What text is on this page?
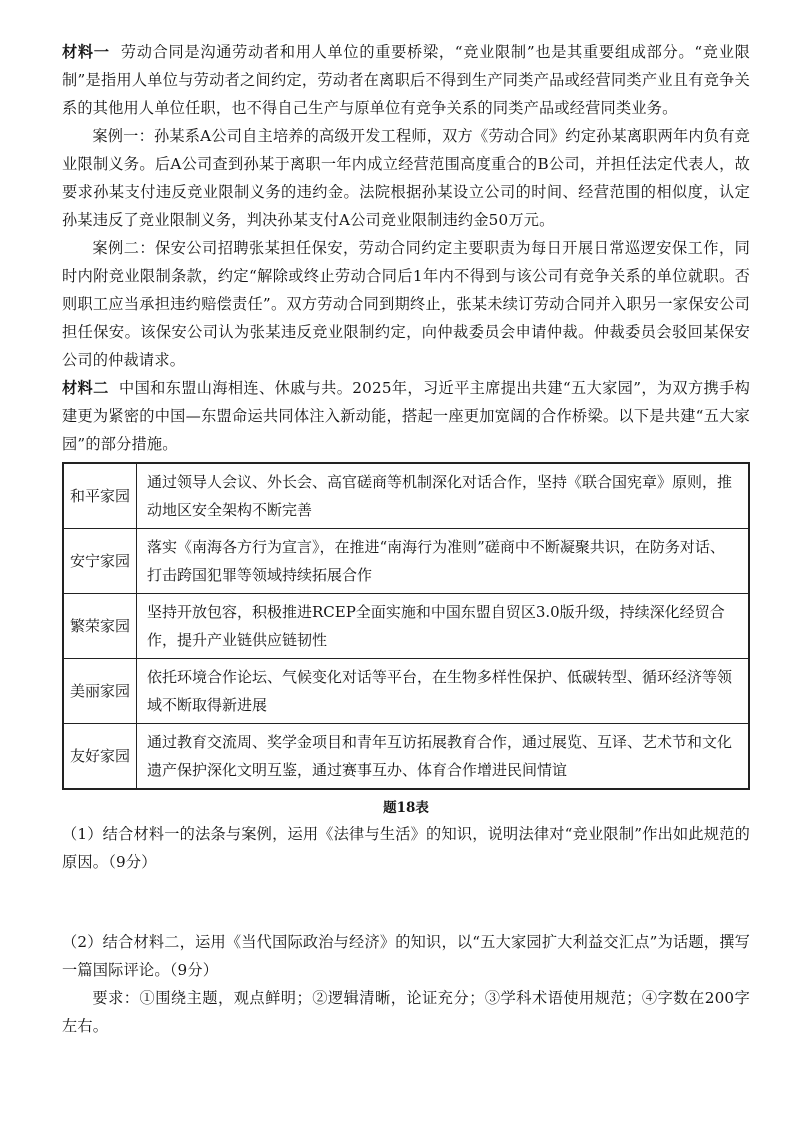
材料一 劳动合同是沟通劳动者和用人单位的重要桥梁，“竞业限制”也是其重要组成部分。“竞业限制”是指用人单位与劳动者之间约定，劳动者在离职后不得到生产同类产品或经营同类产业且有竞争关系的其他用人单位任职，也不得自己生产与原单位有竞争关系的同类产品或经营同类业务。

案例一：孙某系A公司自主培养的高级开发工程师，双方《劳动合同》约定孙某离职两年内负有竞业限制义务。后A公司查到孙某于离职一年内成立经营范围高度重合的B公司，并担任法定代表人，故要求孙某支付违反竞业限制义务的违约金。法院根据孙某设立公司的时间、经营范围的相似度，认定孙某违反了竞业限制义务，判决孙某支付A公司竞业限制违约金50万元。

案例二：保安公司招聘张某担任保安，劳动合同约定主要职责为每日开展日常巡逻安保工作，同时内附竞业限制条款，约定“解除或终止劳动合同后1年内不得到与该公司有竞争关系的单位就职。否则职工应当承担违约赔偿责任”。双方劳动合同到期终止，张某未续订劳动合同并入职另一家保安公司担任保安。该保安公司认为张某违反竞业限制约定，向仲裁委员会申请仲裁。仲裁委员会驳回某保安公司的仲裁请求。

材料二 中国和东盟山海相连、休戚与共。2025年，习近平主席提出共建“五大家园”，为双方携手构建更为紧密的中国—东盟命运共同体注入新动能，搭起一座更加宽阔的合作桥梁。以下是共建“五大家园”的部分措施。

和平家园	通过领导人会议、外长会、高官磋商等机制深化对话合作，坚持《联合国宪章》原则，推动地区安全架构不断完善
安宁家园	落实《南海各方行为宣言》，在推进“南海行为准则”磋商中不断凝聚共识，在防务对话、打击跨国犯罪等领域持续拓展合作
繁荣家园	坚持开放包容，积极推进RCEP全面实施和中国东盟自贸区3.0版升级，持续深化经贸合作，提升产业链供应链韧性
美丽家园	依托环境合作论坛、气候变化对话等平台，在生物多样性保护、低碳转型、循环经济等领域不断取得新进展
友好家园	通过教育交流周、奖学金项目和青年互访拓展教育合作，通过展览、互译、艺术节和文化遗产保护深化文明互鉴，通过赛事互办、体育合作增进民间情谊
题18表

（1）结合材料一的法条与案例，运用《法律与生活》的知识，说明法律对“竞业限制”作出如此规范的原因。（9分）

（2）结合材料二，运用《当代国际政治与经济》的知识，以“五大家园扩大利益交汇点”为话题，撰写一篇国际评论。（9分）

要求：①围绕主题，观点鲜明；②逻辑清晰，论证充分；③学科术语使用规范；④字数在200字左右。
